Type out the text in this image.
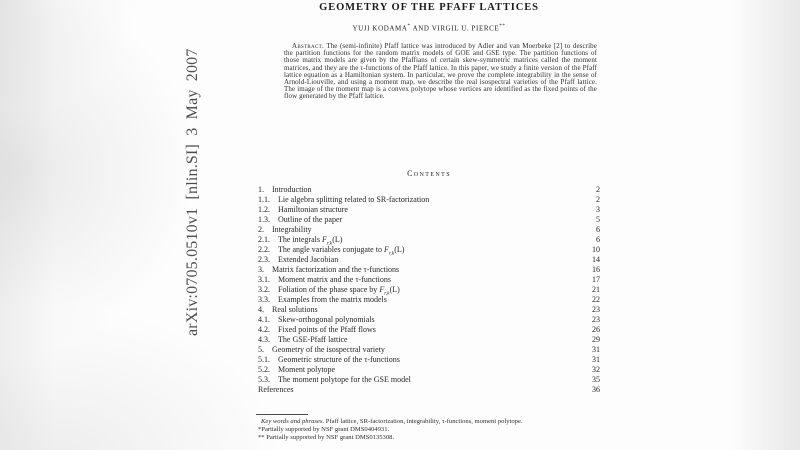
arXiv:0705.0510v1 [nlin.SI] 3 May 2007
GEOMETRY OF THE PFAFF LATTICES
YUJI KODAMA* AND VIRGIL U. PIERCE**

Abstract. The (semi-infinite) Pfaff lattice was introduced by Adler and van Moerbeke [2] to describe the partition functions for the random matrix models of GOE and GSE type. The partition functions of those matrix models are given by the Pfaffians of certain skew-symmetric matrices called the moment matrices, and they are the τ-functions of the Pfaff lattice. In this paper, we study a finite version of the Pfaff lattice equation as a Hamiltonian system. In particular, we prove the complete integrability in the sense of Arnold-Liouville, and using a moment map, we describe the real isospectral varieties of the Pfaff lattice. The image of the moment map is a convex polytope whose vertices are identified as the fixed points of the flow generated by the Pfaff lattice.

Contents
1. Introduction	2
1.1. Lie algebra splitting related to SR-factorization	2
1.2. Hamiltonian structure	3
1.3. Outline of the paper	5
2. Integrability	6
2.1. The integrals $F_{r,k}(L)$	6
2.2. The angle variables conjugate to $F_{r,k}(L)$	10
2.3. Extended Jacobian	14
3. Matrix factorization and the τ-functions	16
3.1. Moment matrix and the τ-functions	17
3.2. Foliation of the phase space by $F_{r,k}(L)$	21
3.3. Examples from the matrix models	22
4. Real solutions	23
4.1. Skew-orthogonal polynomials	23
4.2. Fixed points of the Pfaff flows	26
4.3. The GSE-Pfaff lattice	29
5. Geometry of the isospectral variety	31
5.1. Geometric structure of the τ-functions	31
5.2. Moment polytope	32
5.3. The moment polytope for the GSE model	35
References	36
Key words and phrases. Pfaff lattice, SR-factorization, integrability, τ-functions, moment polytope.
*Partially supported by NSF grant DMS0404931.
** Partially supported by NSF grant DMS0135308.
